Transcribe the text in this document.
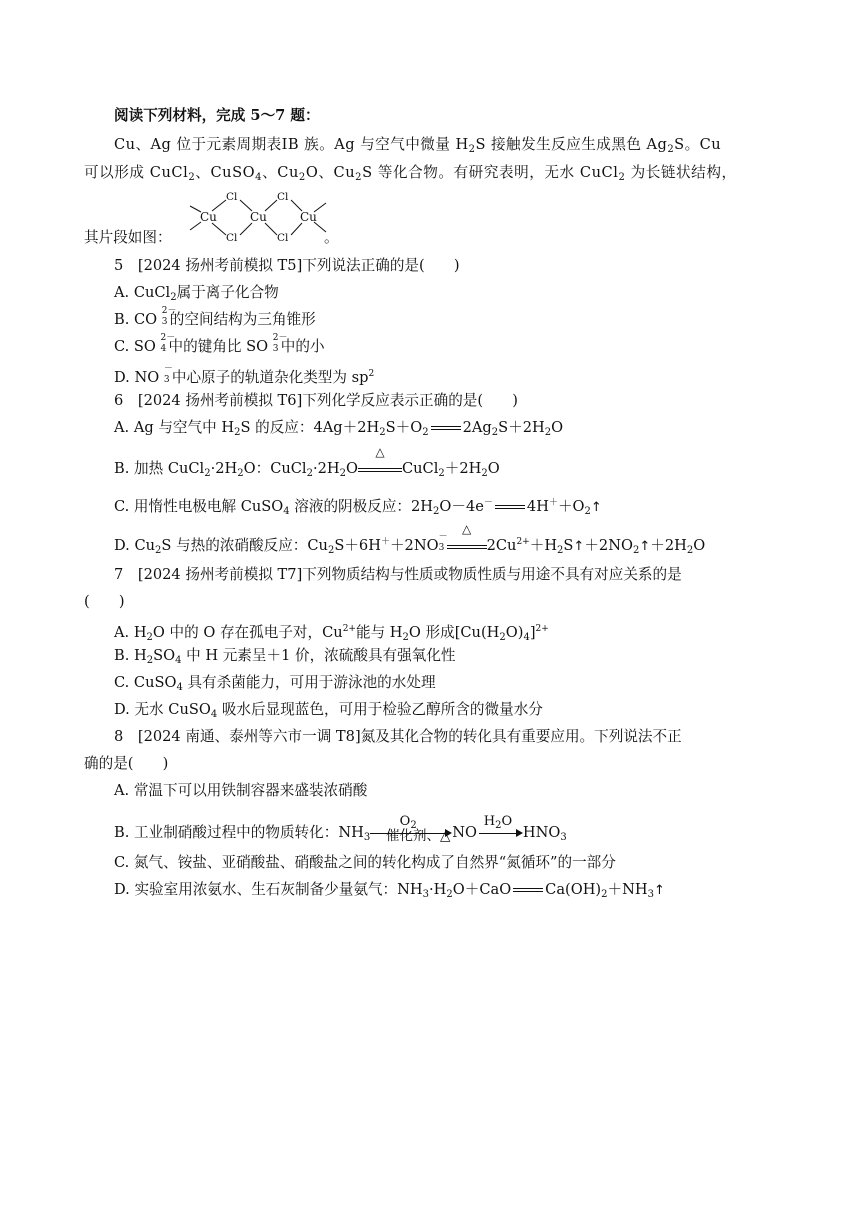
阅读下列材料，完成 5～7 题：
Cu、Ag 位于元素周期表ⅠB 族。Ag 与空气中微量 $H_2S$ 接触发生反应生成黑色 $Ag_2S$。Cu
可以形成 CuCl$_2$、CuSO$_4$、$Cu_2O$、$Cu_2S$ 等化合物。有研究表明，无水 CuCl$_2$ 为长链状结构，
其片段如图：
Cu	Cu	Cu
Cl
Cl
Cl
Cl 。
5　[2024 扬州考前模拟 T5]下列说法正确的是(　　)
A. CuCl$_2$属于离子化合物
B. CO 2－
3 的空间结构为三角锥形
C. SO 2－
4 中的键角比 SO 2－
3 中的小
D. NO －
3 中心原子的轨道杂化类型为 $sp^2$
6　[2024 扬州考前模拟 T6]下列化学反应表示正确的是(　　)
A. Ag 与空气中 $H_2S$ 的反应：$4Ag+2H_2S+O_2$ $2Ag_2S+2H_2O$
B. 加热 $CuCl_2\cdot 2H_2O$：$CuCl_2\cdot 2H_2O$
△
$CuCl_2+2H_2O$
C. 用惰性电极电解 CuSO$_4$ 溶液的阴极反应：$2H_2O-4e^-$ $4H^++O_2↑$
D. $Cu_2S$ 与热的浓硝酸反应：$Cu_2S+6H^++2NO$ －
3
△
$2Cu^{2+}+H_2S↑+2NO_2↑+2H_2O$
7　[2024 扬州考前模拟 T7]下列物质结构与性质或物质性质与用途不具有对应关系的是
(　　)
A. $H_2O$ 中的 O 存在孤电子对，$Cu^{2+}$能与 $H_2O$ 形成$[Cu(H_2O)_4]^{2+}$
B. $H_2SO_4$ 中 H 元素呈＋1 价，浓硫酸具有强氧化性
C. CuSO$_4$ 具有杀菌能力，可用于游泳池的水处理
D. 无水 CuSO$_4$ 吸水后显现蓝色，可用于检验乙醇所含的微量水分
8　[2024 南通、泰州等六市一调 T8]氮及其化合物的转化具有重要应用。下列说法不正
确的是(　　)
A. 常温下可以用铁制容器来盛装浓硝酸
B. 工业制硝酸过程中的物质转化：$NH_3$
$O_2$	NO
$H_2O$
$HNO_3$
催化剂、△
C. 氮气、铵盐、亚硝酸盐、硝酸盐之间的转化构成了自然界“氮循环”的一部分
D. 实验室用浓氨水、生石灰制备少量氨气：$NH_3\cdot H_2O+CaO$ $Ca(OH)_2+NH_3↑$
